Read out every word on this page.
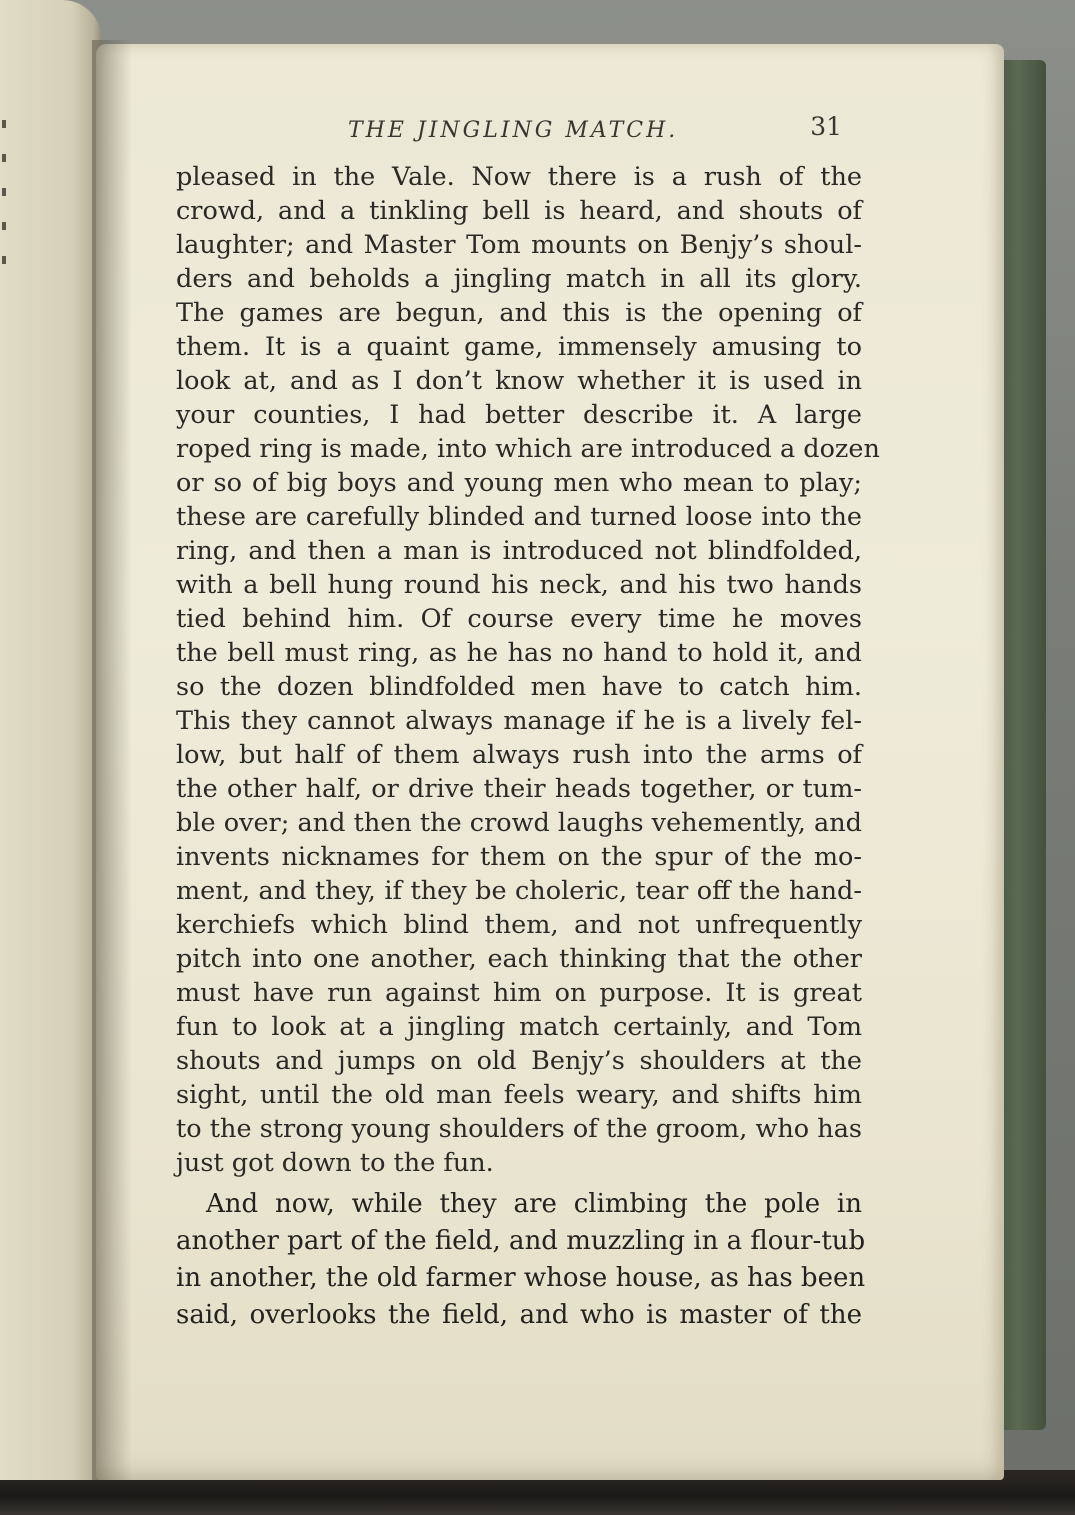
THE JINGLING MATCH.	31
pleased in the Vale. Now there is a rush of the
crowd, and a tinkling bell is heard, and shouts of
laughter; and Master Tom mounts on Benjy’s shoul-
ders and beholds a jingling match in all its glory.
The games are begun, and this is the opening of
them. It is a quaint game, immensely amusing to
look at, and as I don’t know whether it is used in
your counties, I had better describe it. A large
roped ring is made, into which are introduced a dozen
or so of big boys and young men who mean to play;
these are carefully blinded and turned loose into the
ring, and then a man is introduced not blindfolded,
with a bell hung round his neck, and his two hands
tied behind him. Of course every time he moves
the bell must ring, as he has no hand to hold it, and
so the dozen blindfolded men have to catch him.
This they cannot always manage if he is a lively fel-
low, but half of them always rush into the arms of
the other half, or drive their heads together, or tum-
ble over; and then the crowd laughs vehemently, and
invents nicknames for them on the spur of the mo-
ment, and they, if they be choleric, tear off the hand-
kerchiefs which blind them, and not unfrequently
pitch into one another, each thinking that the other
must have run against him on purpose. It is great
fun to look at a jingling match certainly, and Tom
shouts and jumps on old Benjy’s shoulders at the
sight, until the old man feels weary, and shifts him
to the strong young shoulders of the groom, who has
just got down to the fun.
And now, while they are climbing the pole in
another part of the field, and muzzling in a flour-tub
in another, the old farmer whose house, as has been
said, overlooks the field, and who is master of the
